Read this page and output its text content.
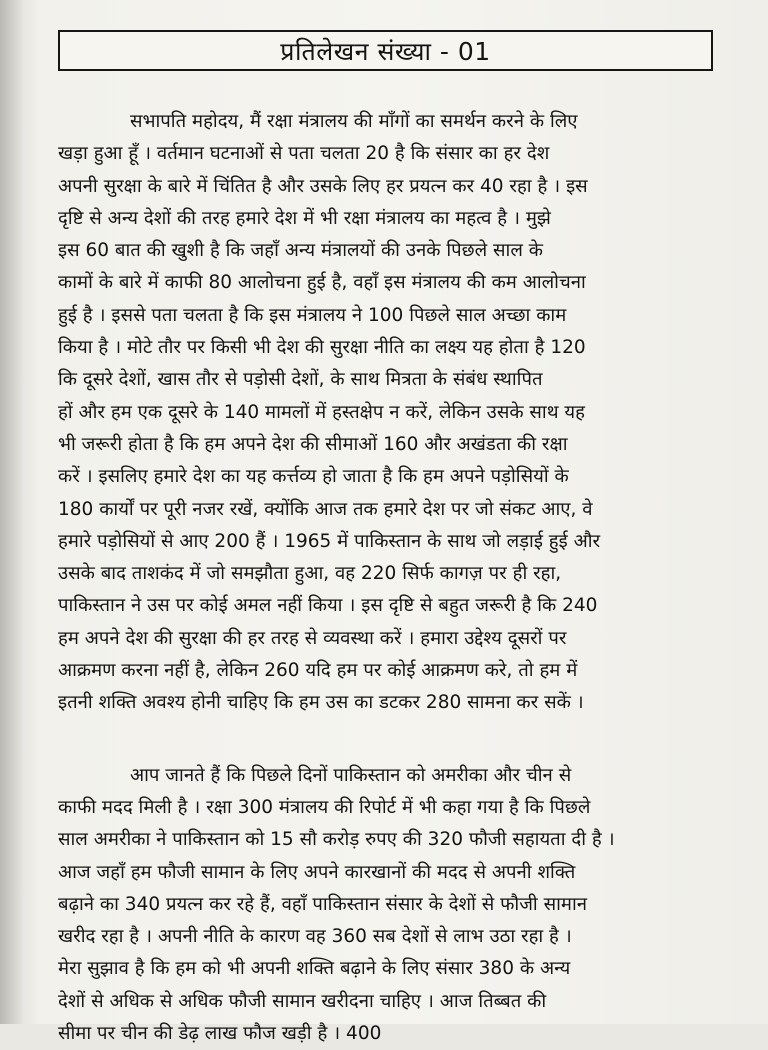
प्रतिलेखन संख्या - 01
सभापति महोदय, मैं रक्षा मंत्रालय की माँगों का समर्थन करने के लिए
खड़ा हुआ हूँ । वर्तमान घटनाओं से पता चलता 20 है कि संसार का हर देश
अपनी सुरक्षा के बारे में चिंतित है और उसके लिए हर प्रयत्न कर 40 रहा है । इस
दृष्टि से अन्य देशों की तरह हमारे देश में भी रक्षा मंत्रालय का महत्व है । मुझे
इस 60 बात की खुशी है कि जहाँ अन्य मंत्रालयों की उनके पिछले साल के
कामों के बारे में काफी 80 आलोचना हुई है, वहाँ इस मंत्रालय की कम आलोचना
हुई है । इससे पता चलता है कि इस मंत्रालय ने 100 पिछले साल अच्छा काम
किया है । मोटे तौर पर किसी भी देश की सुरक्षा नीति का लक्ष्य यह होता है 120
कि दूसरे देशों, खास तौर से पड़ोसी देशों, के साथ मित्रता के संबंध स्थापित
हों और हम एक दूसरे के 140 मामलों में हस्तक्षेप न करें, लेकिन उसके साथ यह
भी जरूरी होता है कि हम अपने देश की सीमाओं 160 और अखंडता की रक्षा
करें । इसलिए हमारे देश का यह कर्त्तव्य हो जाता है कि हम अपने पड़ोसियों के
180 कार्यों पर पूरी नजर रखें, क्योंकि आज तक हमारे देश पर जो संकट आए, वे
हमारे पड़ोसियों से आए 200 हैं । 1965 में पाकिस्तान के साथ जो लड़ाई हुई और
उसके बाद ताशकंद में जो समझौता हुआ, वह 220 सिर्फ कागज़ पर ही रहा,
पाकिस्तान ने उस पर कोई अमल नहीं किया । इस दृष्टि से बहुत जरूरी है कि 240
हम अपने देश की सुरक्षा की हर तरह से व्यवस्था करें । हमारा उद्देश्य दूसरों पर
आक्रमण करना नहीं है, लेकिन 260 यदि हम पर कोई आक्रमण करे, तो हम में
इतनी शक्ति अवश्य होनी चाहिए कि हम उस का डटकर 280 सामना कर सकें ।
आप जानते हैं कि पिछले दिनों पाकिस्तान को अमरीका और चीन से
काफी मदद मिली है । रक्षा 300 मंत्रालय की रिपोर्ट में भी कहा गया है कि पिछले
साल अमरीका ने पाकिस्तान को 15 सौ करोड़ रुपए की 320 फौजी सहायता दी है ।
आज जहाँ हम फौजी सामान के लिए अपने कारखानों की मदद से अपनी शक्ति
बढ़ाने का 340 प्रयत्न कर रहे हैं, वहाँ पाकिस्तान संसार के देशों से फौजी सामान
खरीद रहा है । अपनी नीति के कारण वह 360 सब देशों से लाभ उठा रहा है ।
मेरा सुझाव है कि हम को भी अपनी शक्ति बढ़ाने के लिए संसार 380 के अन्य
देशों से अधिक से अधिक फौजी सामान खरीदना चाहिए । आज तिब्बत की
सीमा पर चीन की डेढ़ लाख फौज खड़ी है । 400
